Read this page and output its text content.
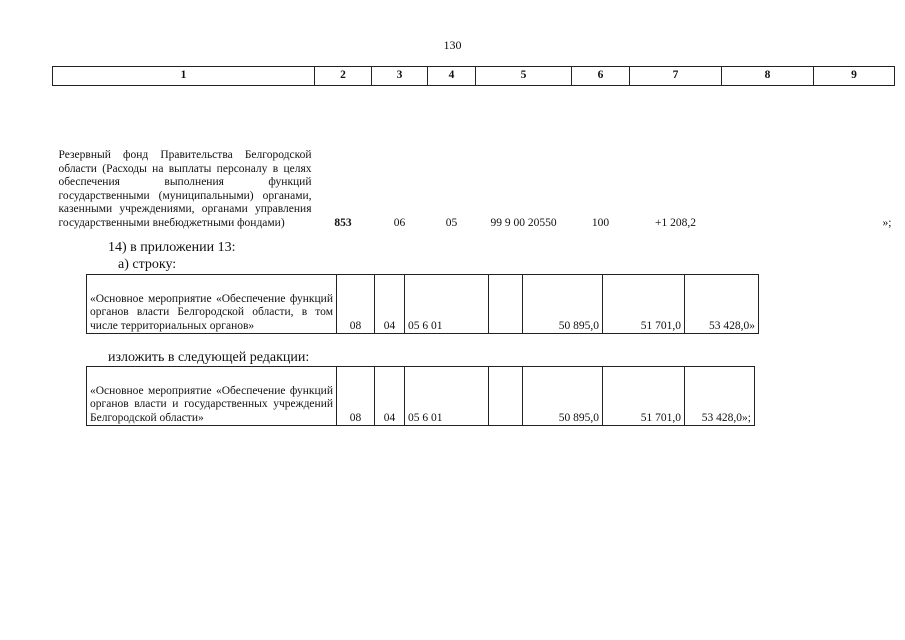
130
1	2	3	4	5	6	7	8	9
Резервный фонд Правительства Белгородской области (Расходы на выплаты персоналу в целях обеспечения выполнения функций государственными (муниципальными) органами, казенными учреждениями, органами управления государственными внебюджетными фондами)	853	06	05	99 9 00 20550	100	+1 208,2		»;
14) в приложении 13:
а) строку:
«Основное мероприятие «Обеспечение функций органов власти Белгородской области, в том числе территориальных органов»	08	04	05 6 01		50 895,0	51 701,0	53 428,0»
изложить в следующей редакции:
«Основное мероприятие «Обеспечение функций органов власти и государственных учреждений Белгородской области»	08	04	05 6 01		50 895,0	51 701,0	53 428,0»;
